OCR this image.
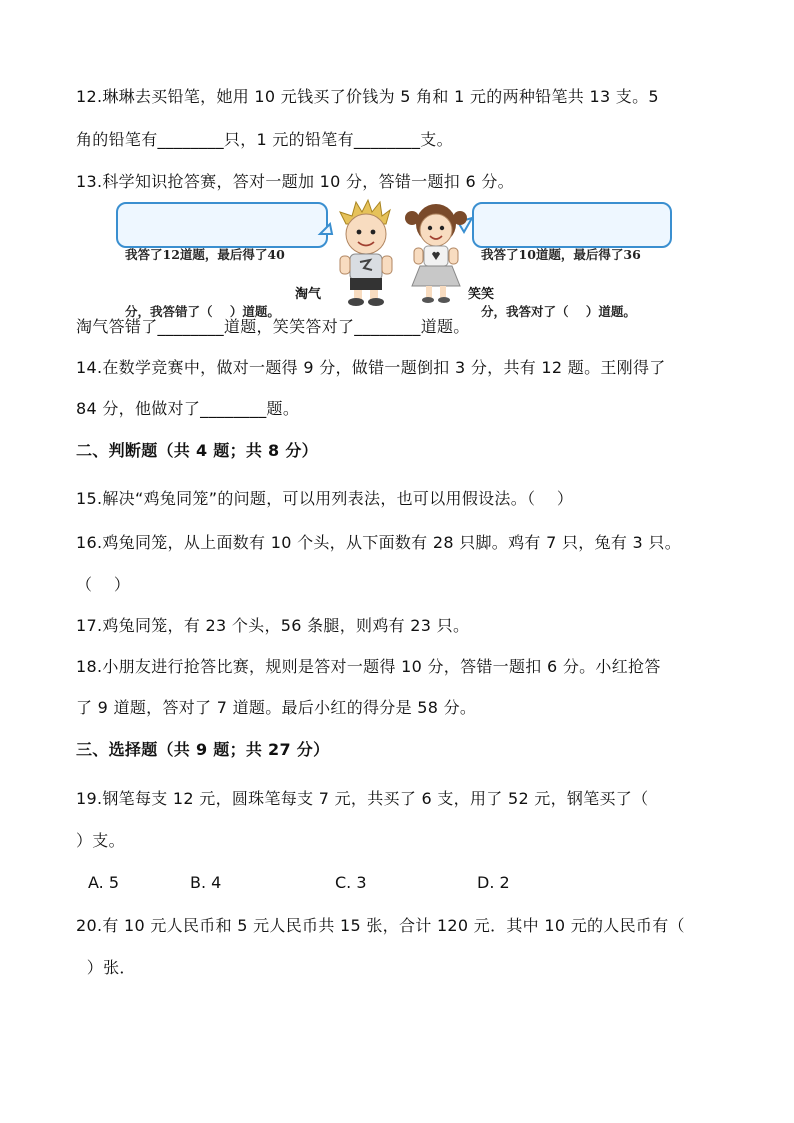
12.琳琳去买铅笔，她用 10 元钱买了价钱为 5 角和 1 元的两种铅笔共 13 支。5
角的铅笔有________只，1 元的铅笔有________支。
13.科学知识抢答赛，答对一题加 10 分，答错一题扣 6 分。

我答了12道题，最后得了40

分，我答错了（    ）道题。

淘气	笑笑

我答了10道题，最后得了36

分，我答对了（    ）道题。

淘气答错了________道题，笑笑答对了________道题。
14.在数学竞赛中，做对一题得 9 分，做错一题倒扣 3 分，共有 12 题。王刚得了
84 分，他做对了________题。
二、判断题（共 4 题；共 8 分）
15.解决“鸡兔同笼”的问题，可以用列表法，也可以用假设法。（    ）
16.鸡兔同笼，从上面数有 10 个头，从下面数有 28 只脚。鸡有 7 只，兔有 3 只。
（    ）
17.鸡兔同笼，有 23 个头，56 条腿，则鸡有 23 只。
18.小朋友进行抢答比赛，规则是答对一题得 10 分，答错一题扣 6 分。小红抢答
了 9 道题，答对了 7 道题。最后小红的得分是 58 分。
三、选择题（共 9 题；共 27 分）
19.钢笔每支 12 元，圆珠笔每支 7 元，共买了 6 支，用了 52 元，钢笔买了（
）支。
A. 5	B. 4	C. 3	D. 2
20.有 10 元人民币和 5 元人民币共 15 张，合计 120 元．其中 10 元的人民币有（
）张．
